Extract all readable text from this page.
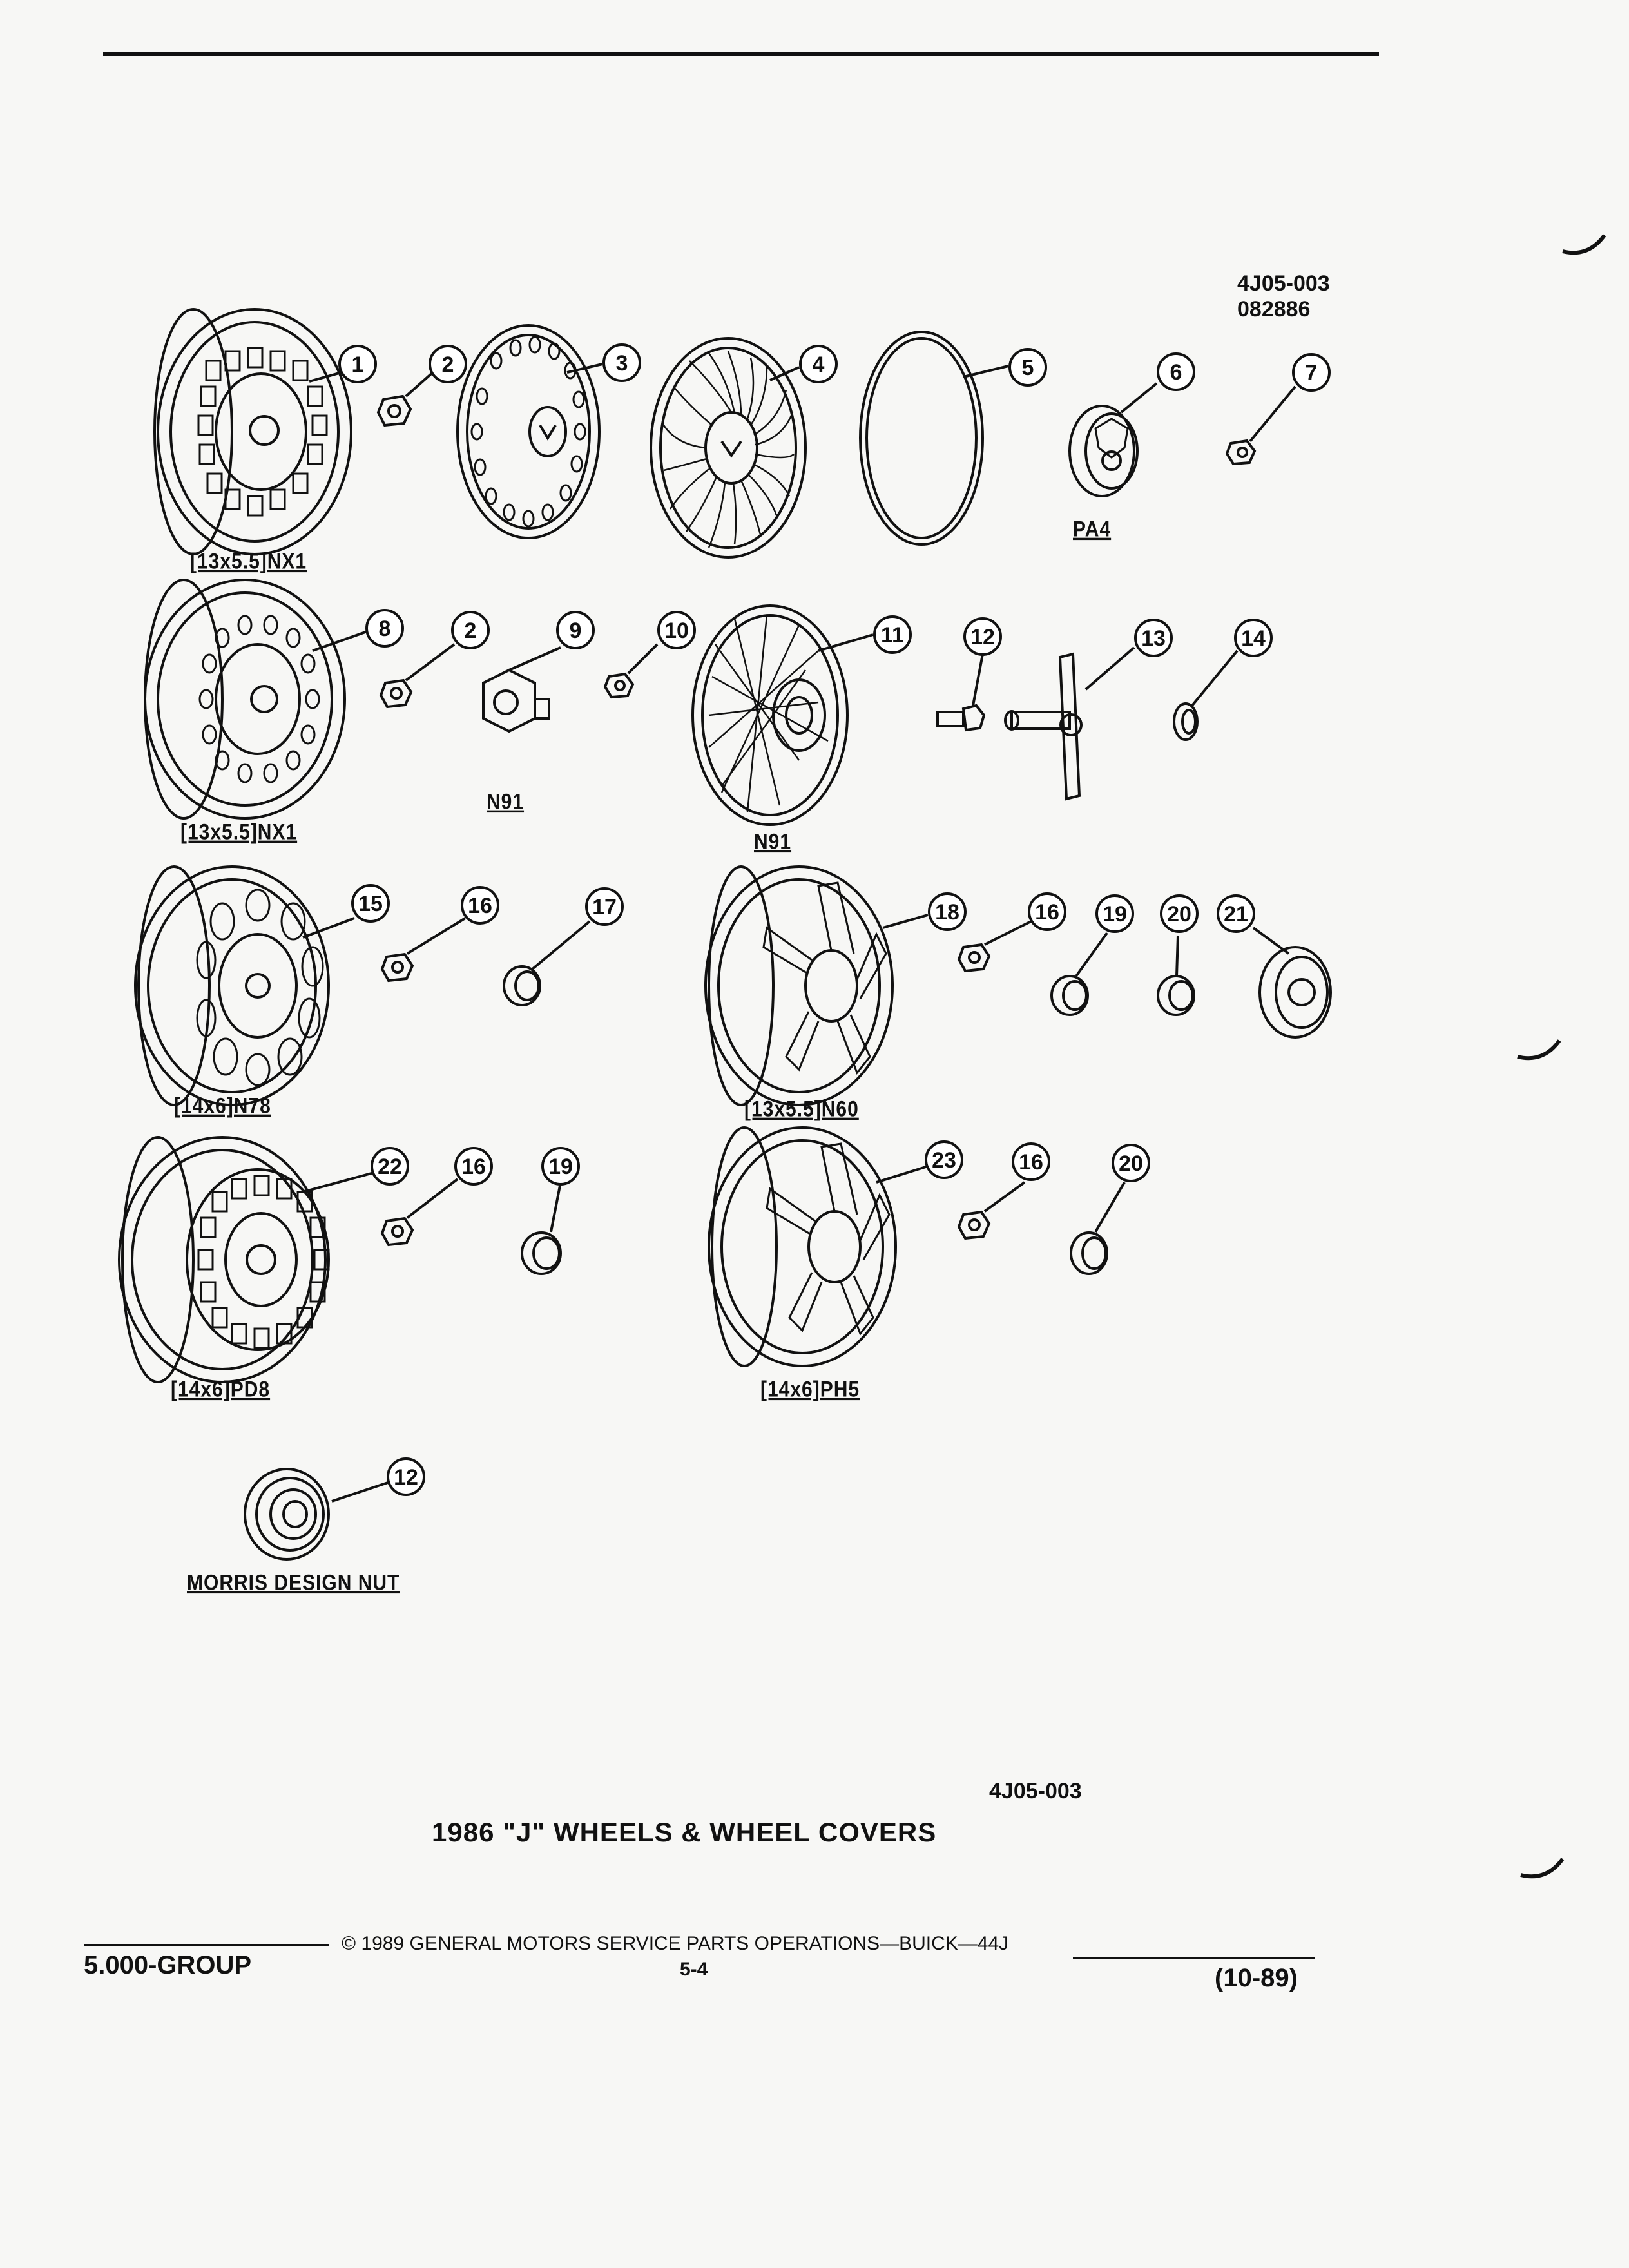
4J05-003
082886
1	2	3	4	5	6	7
8	2	9	10	11	12	13	14
15	16	17	18	16 19 20 21
22	16	19	23	16	20
12
[13x5.5]NX1
PA4
[13x5.5]NX1
N91
N91
[14x6]N78	[13x5.5]N60
[14x6]PD8	[14x6]PH5
MORRIS DESIGN NUT
4J05-003
1986 "J" WHEELS & WHEEL COVERS
© 1989 GENERAL MOTORS SERVICE PARTS OPERATIONS—BUICK—44J
5.000-GROUP	5-4	(10-89)
